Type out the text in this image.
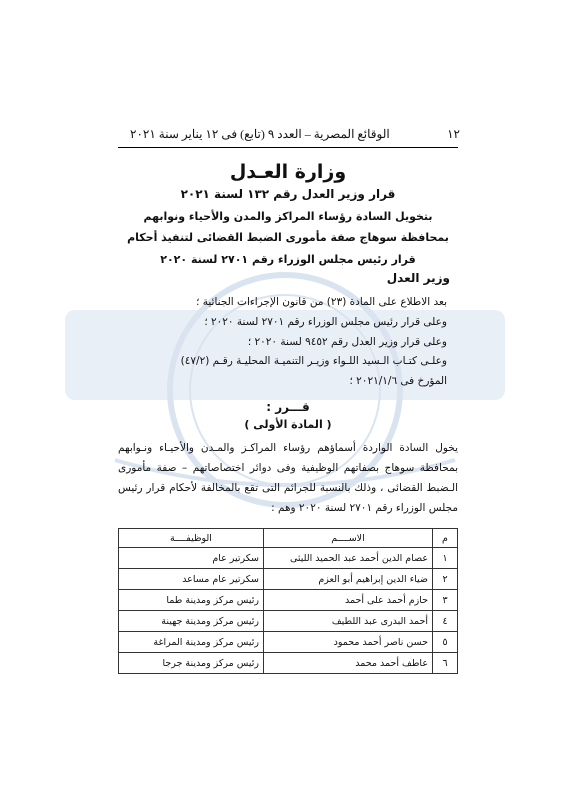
١٢
الوقائع المصرية – العدد ٩ (تابع) فى ١٢ يناير سنة ٢٠٢١
وزارة العـدل
قرار وزير العدل رقم ١٣٢ لسنة ٢٠٢١
بتخويل السادة رؤساء المراكز والمدن والأحياء ونوابهم
بمحافظة سوهاج صفة مأمورى الضبط القضائى لتنفيذ أحكام
قرار رئيس مجلس الوزراء رقم ٢٧٠١ لسنة ٢٠٢٠
وزير العدل
بعد الاطلاع على المادة (٢٣) من قانون الإجراءات الجنائية ؛
وعلى قرار رئيس مجلس الوزراء رقم ٢٧٠١ لسنة ٢٠٢٠ ؛
وعلى قرار وزير العدل رقم ٩٤٥٢ لسنة ٢٠٢٠ ؛
وعلـى كتـاب الـسيد اللـواء وزيـر التنميـة المحليـة رقـم (٤٧/٢)
المؤرخ فى ٢٠٢١/١/٦ ؛
قـــرر :
( المادة الأولى )
يخول السادة الواردة أسماؤهم رؤساء المراكـز والمـدن والأحيـاء ونـوابهم بمحافظة سوهاج بصفاتهم الوظيفية وفى دوائر اختصاصاتهم – صفة مأمورى الـضبط القضائى ، وذلك بالنسبة للجرائم التى تقع بالمخالفة لأحكام قرار رئيس مجلس الوزراء رقم ٢٧٠١ لسنة ٢٠٢٠ وهم :
م	الاســــم	الوظيفــــة
١	عصام الدين أحمد عبد الحميد الليثى	سكرتير عام
٢	ضياء الدين إبراهيم أبو العزم	سكرتير عام مساعد
٣	حازم أحمد على أحمد	رئيس مركز ومدينة طما
٤	أحمد البدرى عبد اللطيف	رئيس مركز ومدينة جهينة
٥	حسن ناصر أحمد محمود	رئيس مركز ومدينة المراغة
٦	عاطف أحمد محمد	رئيس مركز ومدينة جرجا
